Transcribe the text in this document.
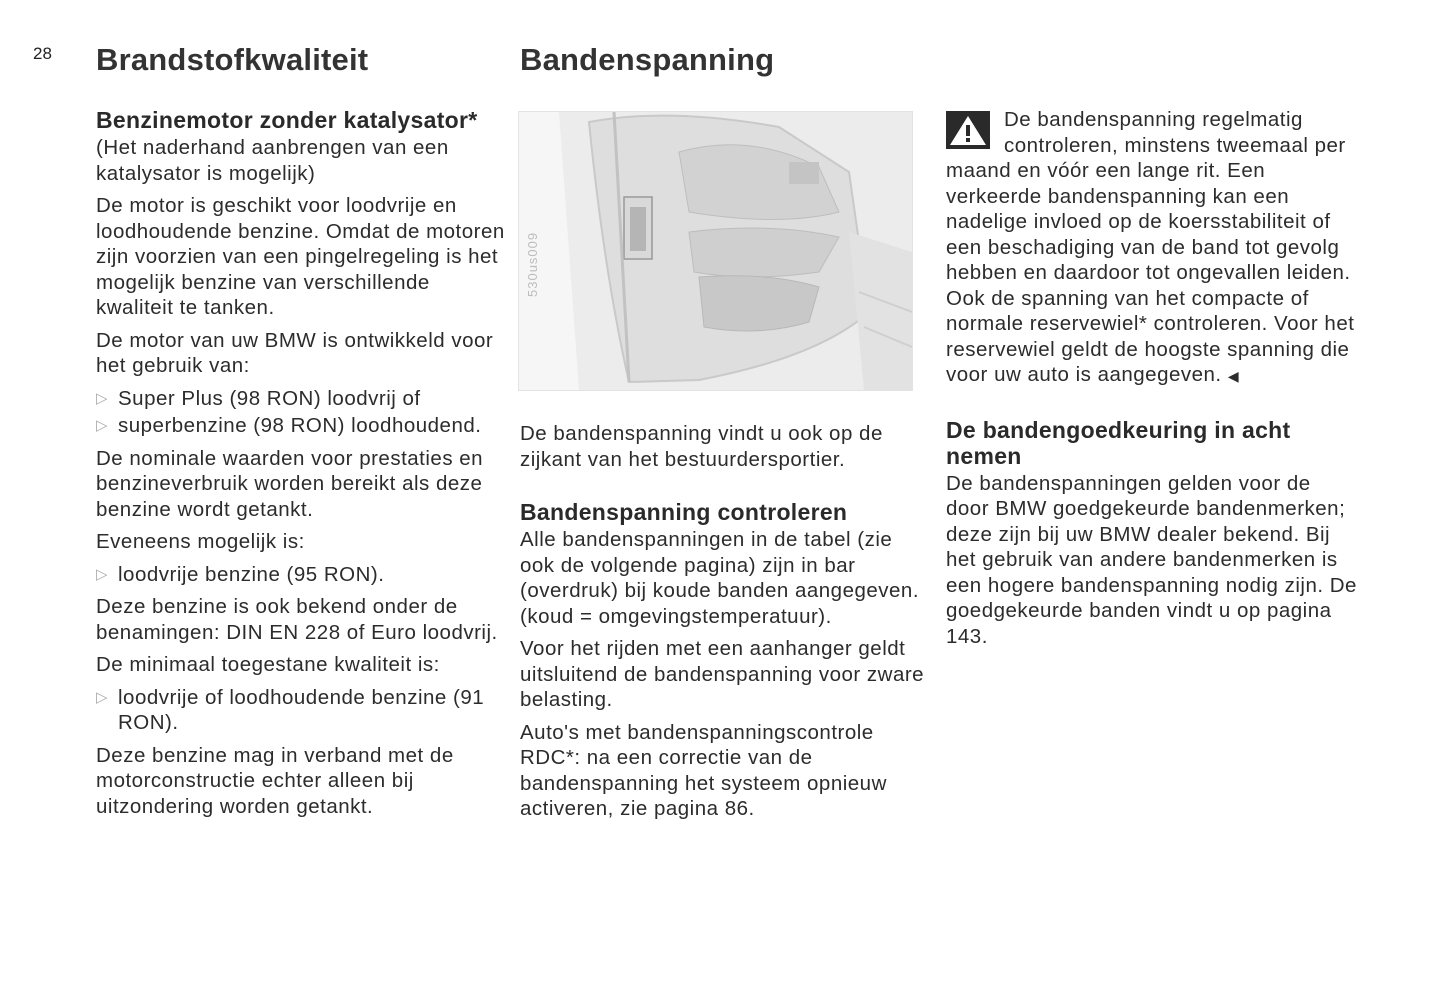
28 Brandstofkwaliteit	Bandenspanning
Benzinemotor zonder katalysator*

(Het naderhand aanbrengen van een katalysator is mogelijk)

De motor is geschikt voor loodvrije en loodhoudende benzine. Omdat de motoren zijn voorzien van een pingelregeling is het mogelijk benzine van verschillende kwaliteit te tanken.

De motor van uw BMW is ontwikkeld voor het gebruik van:

▷ Super Plus (98 RON) loodvrij of
▷ superbenzine (98 RON) loodhoudend.

De nominale waarden voor prestaties en benzineverbruik worden bereikt als deze benzine wordt getankt.

Eveneens mogelijk is:

▷ loodvrije benzine (95 RON).

Deze benzine is ook bekend onder de benamingen: DIN EN 228 of Euro loodvrij.

De minimaal toegestane kwaliteit is:

▷ loodvrije of loodhoudende benzine (91 RON).

Deze benzine mag in verband met de motorconstructie echter alleen bij uitzondering worden getankt.

530us009

De bandenspanning vindt u ook op de zijkant van het bestuurdersportier.

Bandenspanning controleren

Alle bandenspanningen in de tabel (zie ook de volgende pagina) zijn in bar (overdruk) bij koude banden aangegeven.

(koud = omgevingstemperatuur).

Voor het rijden met een aanhanger geldt uitsluitend de bandenspanning voor zware belasting.

Auto's met bandenspanningscontrole RDC*: na een correctie van de bandenspanning het systeem opnieuw activeren, zie pagina 86.

De bandenspanning regelmatig controleren, minstens tweemaal per maand en vóór een lange rit. Een verkeerde bandenspanning kan een nadelige invloed op de koersstabiliteit of een beschadiging van de band tot gevolg hebben en daardoor tot ongevallen leiden.

Ook de spanning van het compacte of normale reservewiel* controleren. Voor het reservewiel geldt de hoogste spanning die voor uw auto is aangegeven. ◀

De bandengoedkeuring in acht nemen

De bandenspanningen gelden voor de door BMW goedgekeurde bandenmerken; deze zijn bij uw BMW dealer bekend. Bij het gebruik van andere bandenmerken is een hogere bandenspanning nodig zijn. De goedgekeurde banden vindt u op pagina 143.
